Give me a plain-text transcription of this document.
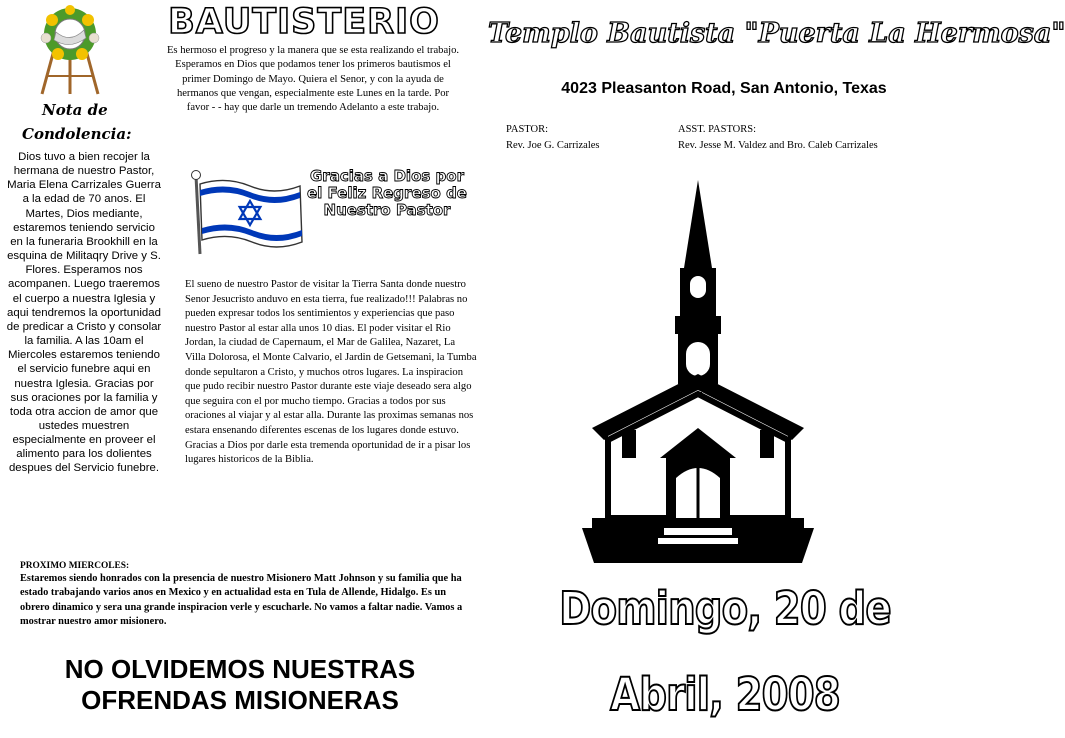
Nota de
Condolencia:
Dios tuvo a bien recojer la hermana de nuestro Pastor, Maria Elena Carrizales Guerra a la edad de 70 anos. El Martes, Dios mediante, estaremos teniendo servicio en la funeraria Brookhill en la esquina de Militaqry Drive y S. Flores. Esperamos nos acompanen. Luego traeremos el cuerpo a nuestra Iglesia y aqui tendremos la oportunidad de predicar a Cristo y consolar la familia. A las 10am el Miercoles estaremos teniendo el servicio funebre aqui en nuestra Iglesia. Gracias por sus oraciones por la familia y toda otra accion de amor que ustedes muestren especialmente en proveer el alimento para los dolientes despues del Servicio funebre.
BAUTISTERIO
Es hermoso el progreso y la manera que se esta realizando el trabajo. Esperamos en Dios que podamos tener los primeros bautismos el primer Domingo de Mayo. Quiera el Senor, y con la ayuda de hermanos que vengan, especialmente este Lunes en la tarde. Por favor - - hay que darle un tremendo Adelanto a este trabajo.
Gracias a Dios por el Feliz Regreso de Nuestro Pastor
El sueno de nuestro Pastor de visitar la Tierra Santa donde nuestro Senor Jesucristo anduvo en esta tierra, fue realizado!!! Palabras no pueden expresar todos los sentimientos y experiencias que paso nuestro Pastor al estar alla unos 10 dias. El poder visitar el Rio Jordan, la ciudad de Capernaum, el Mar de Galilea, Nazaret, La Villa Dolorosa, el Monte Calvario, el Jardin de Getsemani, la Tumba donde sepultaron a Cristo, y muchos otros lugares. La inspiracion que pudo recibir nuestro Pastor durante este viaje deseado sera algo que seguira con el por mucho tiempo. Gracias a todos por sus oraciones al viajar y al estar alla. Durante las proximas semanas nos estara ensenando diferentes escenas de los lugares donde estuvo. Gracias a Dios por darle esta tremenda oportunidad de ir a pisar los lugares historicos de la Biblia.
PROXIMO MIERCOLES:
Estaremos siendo honrados con la presencia de nuestro Misionero Matt Johnson y su familia que ha estado trabajando varios anos en Mexico y en actualidad esta en Tula de Allende, Hidalgo. Es un obrero dinamico y sera una grande inspiracion verle y escucharle. No vamos a faltar nadie. Vamos a mostrar nuestro amor misionero.
NO OLVIDEMOS NUESTRAS
OFRENDAS MISIONERAS
Templo Bautista "Puerta La Hermosa"
4023 Pleasanton Road, San Antonio, Texas
PASTOR:
Rev. Joe G. Carrizales
ASST. PASTORS:
Rev. Jesse M. Valdez and Bro. Caleb Carrizales
Domingo, 20 de Abril, 2008
